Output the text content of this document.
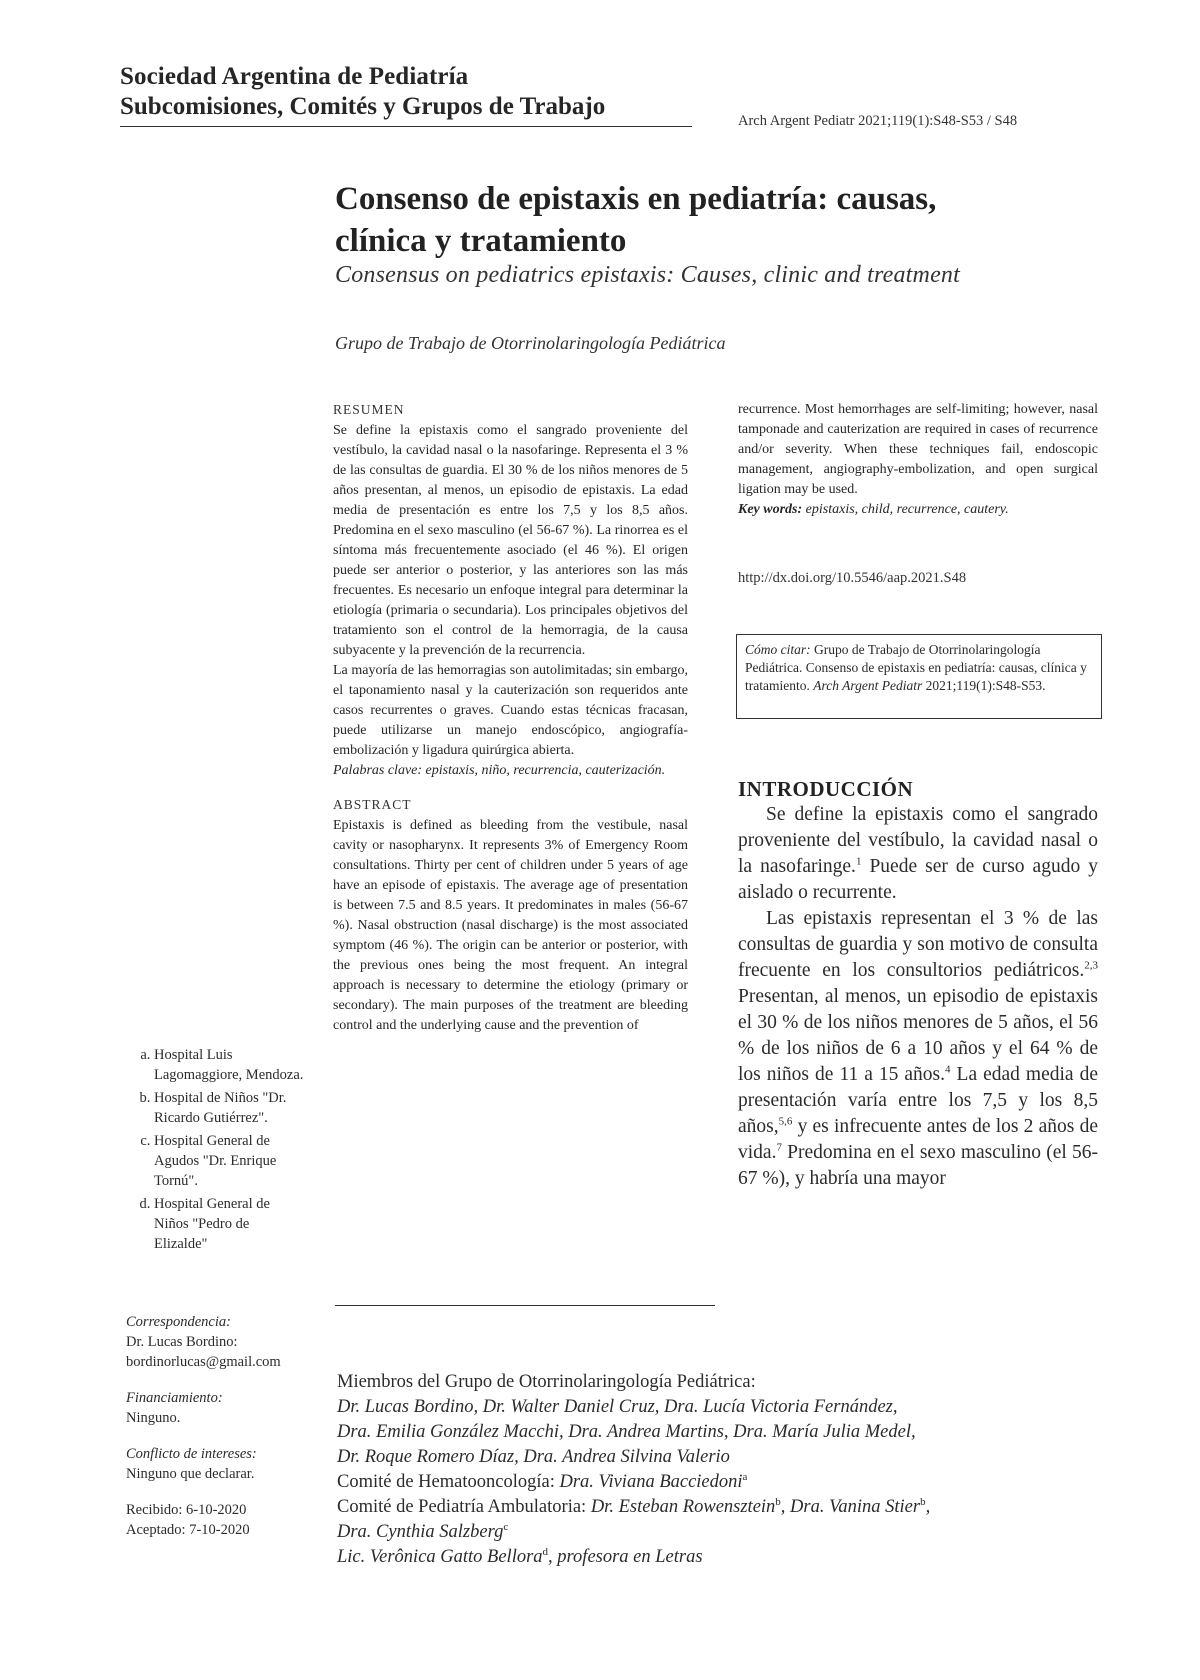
Sociedad Argentina de Pediatría
Subcomisiones, Comités y Grupos de Trabajo
Arch Argent Pediatr 2021;119(1):S48-S53 / S48
Consenso de epistaxis en pediatría: causas,
clínica y tratamiento
Consensus on pediatrics epistaxis: Causes, clinic and treatment
Grupo de Trabajo de Otorrinolaringología Pediátrica
RESUMEN

Se define la epistaxis como el sangrado proveniente del vestíbulo, la cavidad nasal o la nasofaringe. Representa el 3 % de las consultas de guardia. El 30 % de los niños menores de 5 años presentan, al menos, un episodio de epistaxis. La edad media de presentación es entre los 7,5 y los 8,5 años. Predomina en el sexo masculino (el 56-67 %). La rinorrea es el síntoma más frecuentemente asociado (el 46 %). El origen puede ser anterior o posterior, y las anteriores son las más frecuentes. Es necesario un enfoque integral para determinar la etiología (primaria o secundaria). Los principales objetivos del tratamiento son el control de la hemorragia, de la causa subyacente y la prevención de la recurrencia.

La mayoría de las hemorragias son autolimitadas; sin embargo, el taponamiento nasal y la cauterización son requeridos ante casos recurrentes o graves. Cuando estas técnicas fracasan, puede utilizarse un manejo endoscópico, angiografía-embolización y ligadura quirúrgica abierta.

Palabras clave: epistaxis, niño, recurrencia, cauterización.

ABSTRACT

Epistaxis is defined as bleeding from the vestibule, nasal cavity or nasopharynx. It represents 3% of Emergency Room consultations. Thirty per cent of children under 5 years of age have an episode of epistaxis. The average age of presentation is between 7.5 and 8.5 years. It predominates in males (56-67 %). Nasal obstruction (nasal discharge) is the most associated symptom (46 %). The origin can be anterior or posterior, with the previous ones being the most frequent. An integral approach is necessary to determine the etiology (primary or secondary). The main purposes of the treatment are bleeding control and the underlying cause and the prevention of

recurrence. Most hemorrhages are self-limiting; however, nasal tamponade and cauterization are required in cases of recurrence and/or severity. When these techniques fail, endoscopic management, angiography-embolization, and open surgical ligation may be used.

Key words: epistaxis, child, recurrence, cautery.

http://dx.doi.org/10.5546/aap.2021.S48
Cómo citar: Grupo de Trabajo de Otorrinolaringología Pediátrica. Consenso de epistaxis en pediatría: causas, clínica y tratamiento. Arch Argent Pediatr 2021;119(1):S48-S53.
INTRODUCCIÓN

Se define la epistaxis como el sangrado proveniente del vestíbulo, la cavidad nasal o la nasofaringe.$^1$ Puede ser de curso agudo y aislado o recurrente.

Las epistaxis representan el 3 % de las consultas de guardia y son motivo de consulta frecuente en los consultorios pediátricos.$^{2,3}$ Presentan, al menos, un episodio de epistaxis el 30 % de los niños menores de 5 años, el 56 % de los niños de 6 a 10 años y el 64 % de los niños de 11 a 15 años.$^4$ La edad media de presentación varía entre los 7,5 y los 8,5 años,$^{5,6}$ y es infrecuente antes de los 2 años de vida.$^7$ Predomina en el sexo masculino (el 56-67 %), y habría una mayor

a. Hospital Luis Lagomaggiore, Mendoza.
b. Hospital de Niños "Dr. Ricardo Gutiérrez".
c. Hospital General de Agudos "Dr. Enrique Tornú".
d. Hospital General de Niños "Pedro de Elizalde"
Correspondencia:
Dr. Lucas Bordino:
bordinorlucas@gmail.com
Financiamiento:
Ninguno.
Conflicto de intereses:
Ninguno que declarar.
Recibido: 6-10-2020
Aceptado: 7-10-2020

Miembros del Grupo de Otorrinolaringología Pediátrica:

Dr. Lucas Bordino, Dr. Walter Daniel Cruz, Dra. Lucía Victoria Fernández,

Dra. Emilia González Macchi, Dra. Andrea Martins, Dra. María Julia Medel,

Dr. Roque Romero Díaz, Dra. Andrea Silvina Valerio

Comité de Hematooncología: Dra. Viviana Bacciedoni$^a$

Comité de Pediatría Ambulatoria: Dr. Esteban Rowensztein$^b$, Dra. Vanina Stier$^b$,

Dra. Cynthia Salzberg$^c$

Lic. Verônica Gatto Bellora$^d$, profesora en Letras
